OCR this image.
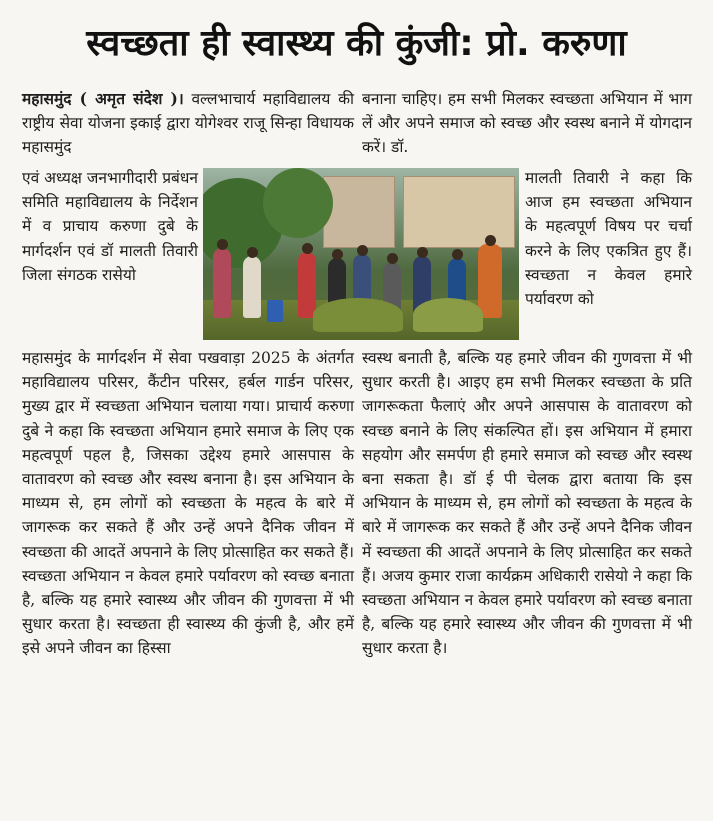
स्वच्छता ही स्वास्थ्य की कुंजी: प्रो. करुणा

महासमुंद ( अमृत संदेश )। वल्लभाचार्य महाविद्यालय की राष्ट्रीय सेवा योजना इकाई द्वारा योगेश्वर राजू सिन्हा विधायक महासमुंद

एवं अध्यक्ष जनभागीदारी प्रबंधन समिति महाविद्यालय के निर्देशन में व प्राचाय करुणा दुबे के मार्गदर्शन एवं डॉ मालती तिवारी जिला संगठक रासेयो

महासमुंद के मार्गदर्शन में सेवा पखवाड़ा 2025 के अंतर्गत महाविद्यालय परिसर, कैंटीन परिसर, हर्बल गार्डन परिसर, मुख्य द्वार में स्वच्छता अभियान चलाया गया। प्राचार्य करुणा दुबे ने कहा कि स्वच्छता अभियान हमारे समाज के लिए एक महत्वपूर्ण पहल है, जिसका उद्देश्य हमारे आसपास के वातावरण को स्वच्छ और स्वस्थ बनाना है। इस अभियान के माध्यम से, हम लोगों को स्वच्छता के महत्व के बारे में जागरूक कर सकते हैं और उन्हें अपने दैनिक जीवन में स्वच्छता की आदतें अपनाने के लिए प्रोत्साहित कर सकते हैं। स्वच्छता अभियान न केवल हमारे पर्यावरण को स्वच्छ बनाता है, बल्कि यह हमारे स्वास्थ्य और जीवन की गुणवत्ता में भी सुधार करता है। स्वच्छता ही स्वास्थ्य की कुंजी है, और हमें इसे अपने जीवन का हिस्सा

बनाना चाहिए। हम सभी मिलकर स्वच्छता अभियान में भाग लें और अपने समाज को स्वच्छ और स्वस्थ बनाने में योगदान करें। डॉ.

मालती तिवारी ने कहा कि आज हम स्वच्छता अभियान के महत्वपूर्ण विषय पर चर्चा करने के लिए एकत्रित हुए हैं। स्वच्छता न केवल हमारे पर्यावरण को

स्वस्थ बनाती है, बल्कि यह हमारे जीवन की गुणवत्ता में भी सुधार करती है। आइए हम सभी मिलकर स्वच्छता के प्रति जागरूकता फैलाएं और अपने आसपास के वातावरण को स्वच्छ बनाने के लिए संकल्पित हों। इस अभियान में हमारा सहयोग और समर्पण ही हमारे समाज को स्वच्छ और स्वस्थ बना सकता है। डॉ ई पी चेलक द्वारा बताया कि इस अभियान के माध्यम से, हम लोगों को स्वच्छता के महत्व के बारे में जागरूक कर सकते हैं और उन्हें अपने दैनिक जीवन में स्वच्छता की आदतें अपनाने के लिए प्रोत्साहित कर सकते हैं। अजय कुमार राजा कार्यक्रम अधिकारी रासेयो ने कहा कि स्वच्छता अभियान न केवल हमारे पर्यावरण को स्वच्छ बनाता है, बल्कि यह हमारे स्वास्थ्य और जीवन की गुणवत्ता में भी सुधार करता है।
